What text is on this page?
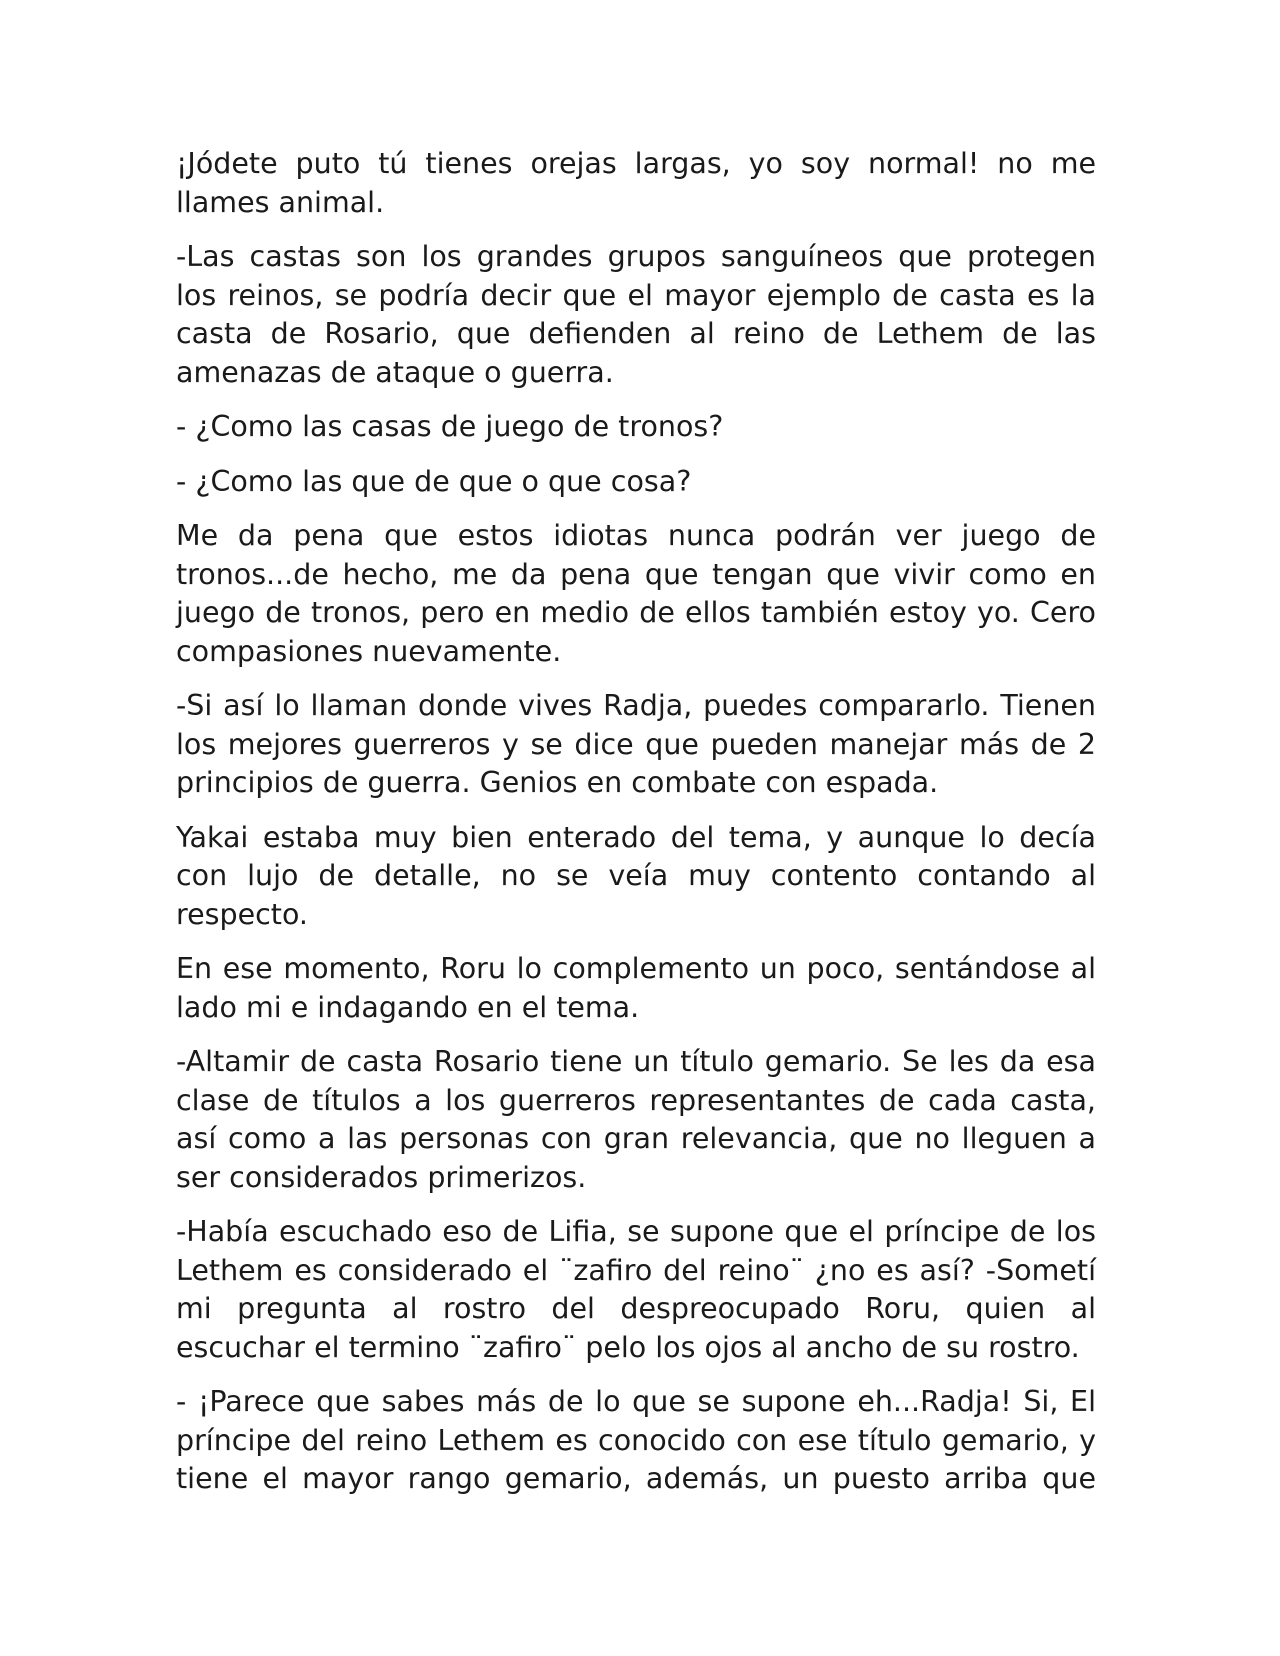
¡Jódete puto tú tienes orejas largas, yo soy normal! no me llames animal.

-Las castas son los grandes grupos sanguíneos que protegen los reinos, se podría decir que el mayor ejemplo de casta es la casta de Rosario, que defienden al reino de Lethem de las amenazas de ataque o guerra.

- ¿Como las casas de juego de tronos?

- ¿Como las que de que o que cosa?

Me da pena que estos idiotas nunca podrán ver juego de tronos...de hecho, me da pena que tengan que vivir como en juego de tronos, pero en medio de ellos también estoy yo. Cero compasiones nuevamente.

-Si así lo llaman donde vives Radja, puedes compararlo. Tienen los mejores guerreros y se dice que pueden manejar más de 2 principios de guerra. Genios en combate con espada.

Yakai estaba muy bien enterado del tema, y aunque lo decía con lujo de detalle, no se veía muy contento contando al respecto.

En ese momento, Roru lo complemento un poco, sentándose al lado mi e indagando en el tema.

-Altamir de casta Rosario tiene un título gemario. Se les da esa clase de títulos a los guerreros representantes de cada casta, así como a las personas con gran relevancia, que no lleguen a ser considerados primerizos.

-Había escuchado eso de Lifia, se supone que el príncipe de los Lethem es considerado el ¨zafiro del reino¨ ¿no es así? -Sometí mi pregunta al rostro del despreocupado Roru, quien al escuchar el termino ¨zafiro¨ pelo los ojos al ancho de su rostro.

- ¡Parece que sabes más de lo que se supone eh...Radja! Si, El príncipe del reino Lethem es conocido con ese título gemario, y tiene el mayor rango gemario, además, un puesto arriba que
